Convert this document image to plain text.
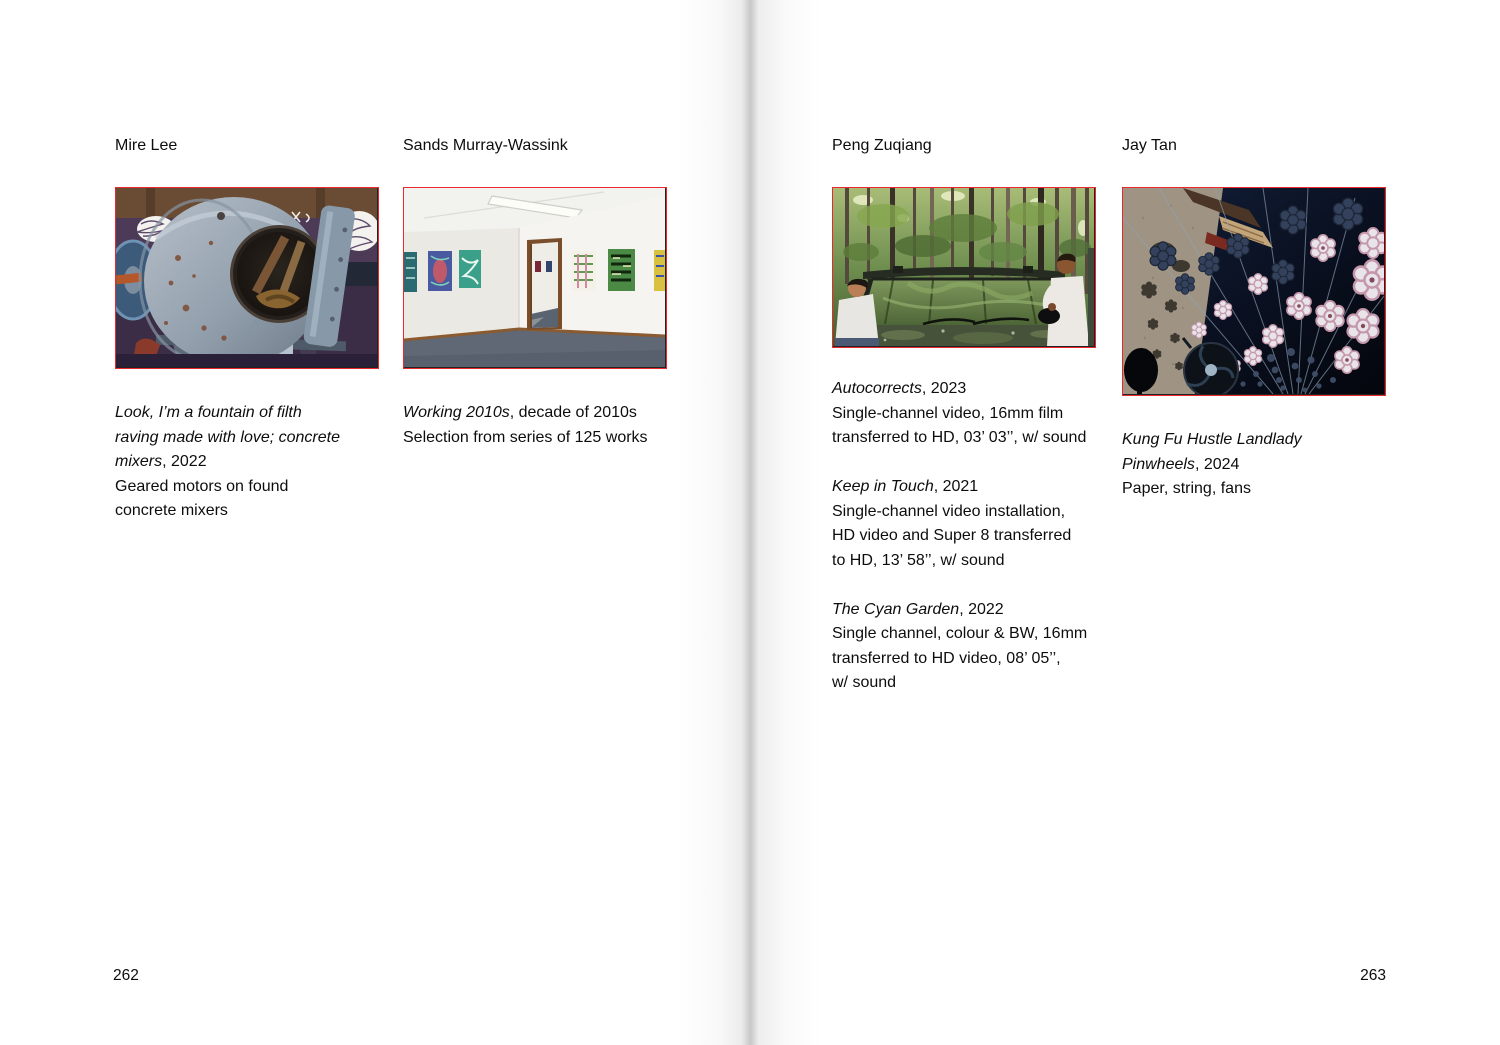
Mire Lee
Look, I’m a fountain of filth
raving made with love; concrete
mixers, 2022
Geared motors on found
concrete mixers
Sands Murray-Wassink
Working 2010s, decade of 2010s
Selection from series of 125 works
262
Peng Zuqiang
Autocorrects, 2023
Single-channel video, 16mm film
transferred to HD, 03’ 03’’, w/ sound
Keep in Touch, 2021
Single-channel video installation,
HD video and Super 8 transferred
to HD, 13’ 58’’, w/ sound
The Cyan Garden, 2022
Single channel, colour & BW, 16mm
transferred to HD video, 08’ 05’’,
w/ sound
Jay Tan
Kung Fu Hustle Landlady
Pinwheels, 2024
Paper, string, fans
263
